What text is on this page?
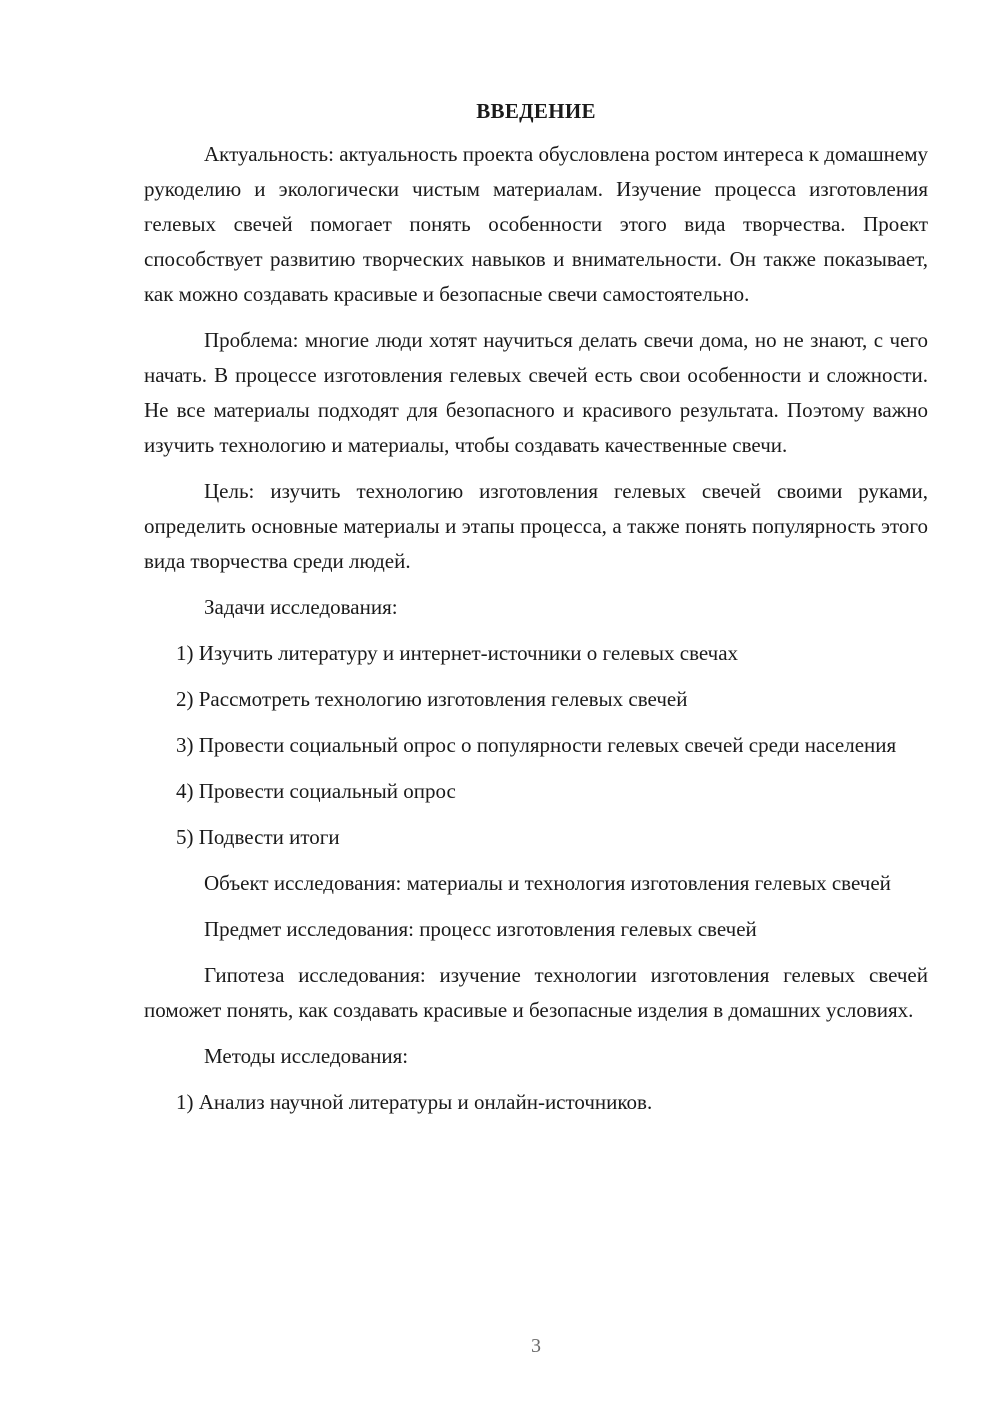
ВВЕДЕНИЕ

Актуальность: актуальность проекта обусловлена ростом интереса к домашнему рукоделию и экологически чистым материалам. Изучение процесса изготовления гелевых свечей помогает понять особенности этого вида творчества. Проект способствует развитию творческих навыков и внимательности. Он также показывает, как можно создавать красивые и безопасные свечи самостоятельно.

Проблема: многие люди хотят научиться делать свечи дома, но не знают, с чего начать. В процессе изготовления гелевых свечей есть свои особенности и сложности. Не все материалы подходят для безопасного и красивого результата. Поэтому важно изучить технологию и материалы, чтобы создавать качественные свечи.

Цель: изучить технологию изготовления гелевых свечей своими руками, определить основные материалы и этапы процесса, а также понять популярность этого вида творчества среди людей.

Задачи исследования:

1) Изучить литературу и интернет-источники о гелевых свечах

2) Рассмотреть технологию изготовления гелевых свечей

3) Провести социальный опрос о популярности гелевых свечей среди населения

4) Провести социальный опрос

5) Подвести итоги

Объект исследования: материалы и технология изготовления гелевых свечей

Предмет исследования: процесс изготовления гелевых свечей

Гипотеза исследования: изучение технологии изготовления гелевых свечей поможет понять, как создавать красивые и безопасные изделия в домашних условиях.

Методы исследования:

1) Анализ научной литературы и онлайн-источников.

3
